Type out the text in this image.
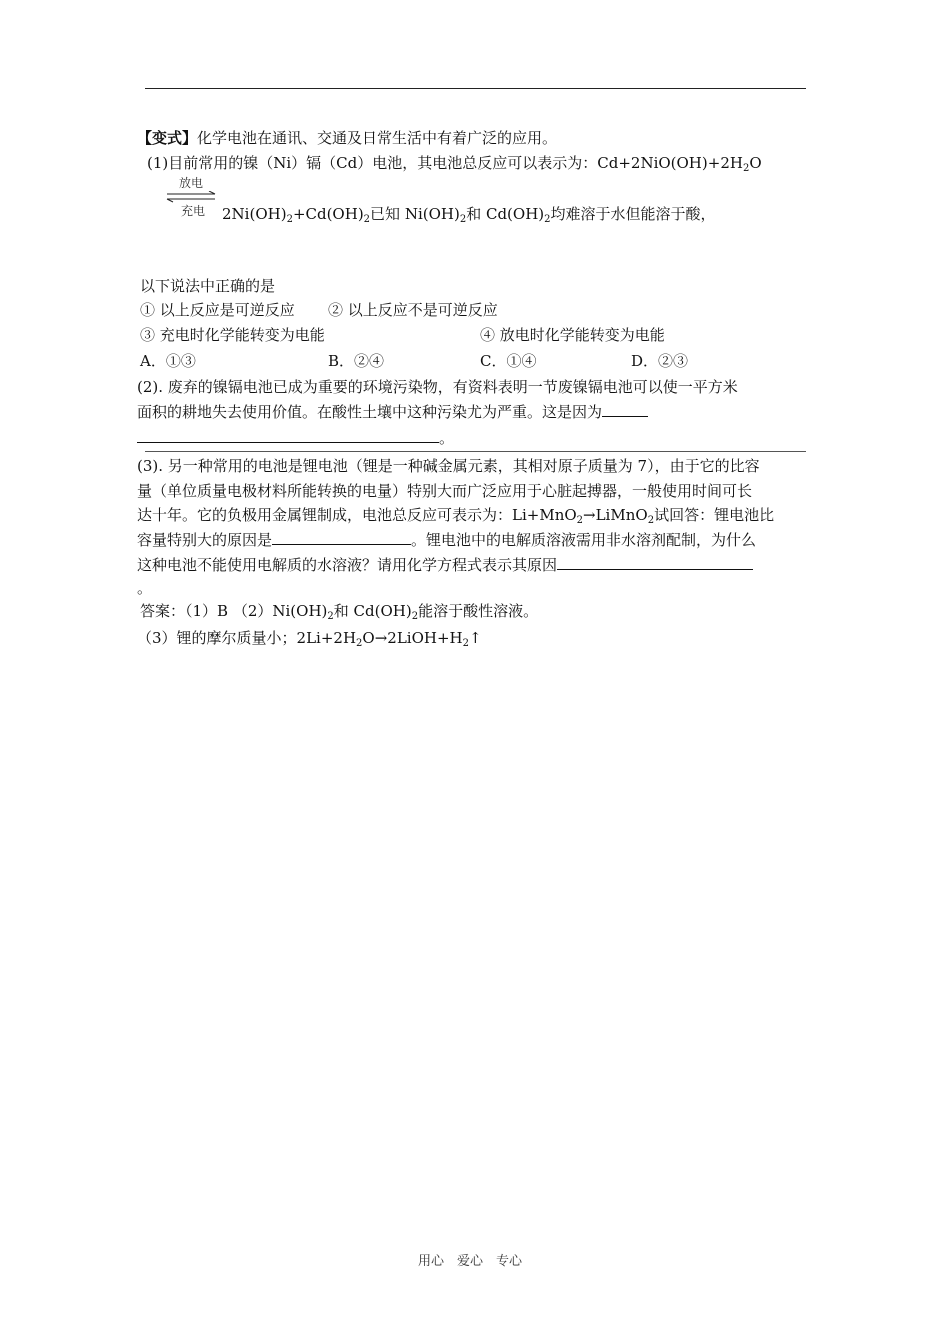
【变式】化学电池在通讯、交通及日常生活中有着广泛的应用。
(1)目前常用的镍（Ni）镉（Cd）电池，其电池总反应可以表示为：$Cd+2NiO(OH)+2H_2O$
放电
充电 $2Ni(OH)_2+Cd(OH)_2$已知 $Ni(OH)_2$和 $Cd(OH)_2$均难溶于水但能溶于酸，
以下说法中正确的是
① 以上反应是可逆反应 ② 以上反应不是可逆反应
③ 充电时化学能转变为电能	④ 放电时化学能转变为电能
A．①③	B．②④	C．①④	D．②③
(2). 废弃的镍镉电池已成为重要的环境污染物，有资料表明一节废镍镉电池可以使一平方米
面积的耕地失去使用价值。在酸性土壤中这种污染尤为严重。这是因为
。
(3). 另一种常用的电池是锂电池（锂是一种碱金属元素，其相对原子质量为 7），由于它的比容
量（单位质量电极材料所能转换的电量）特别大而广泛应用于心脏起搏器，一般使用时间可长
达十年。它的负极用金属锂制成，电池总反应可表示为：Li+MnO$_2$→LiMnO$_2$试回答：锂电池比
容量特别大的原因是	。锂电池中的电解质溶液需用非水溶剂配制，为什么
这种电池不能使用电解质的水溶液？请用化学方程式表示其原因
。
答案：（1）B $(2)Ni(OH)_2$和 $Cd(OH)_2$能溶于酸性溶液。
（3）锂的摩尔质量小；$2Li+2H_2O\to 2LiOH+H_2↑$
用心　爱心　专心
